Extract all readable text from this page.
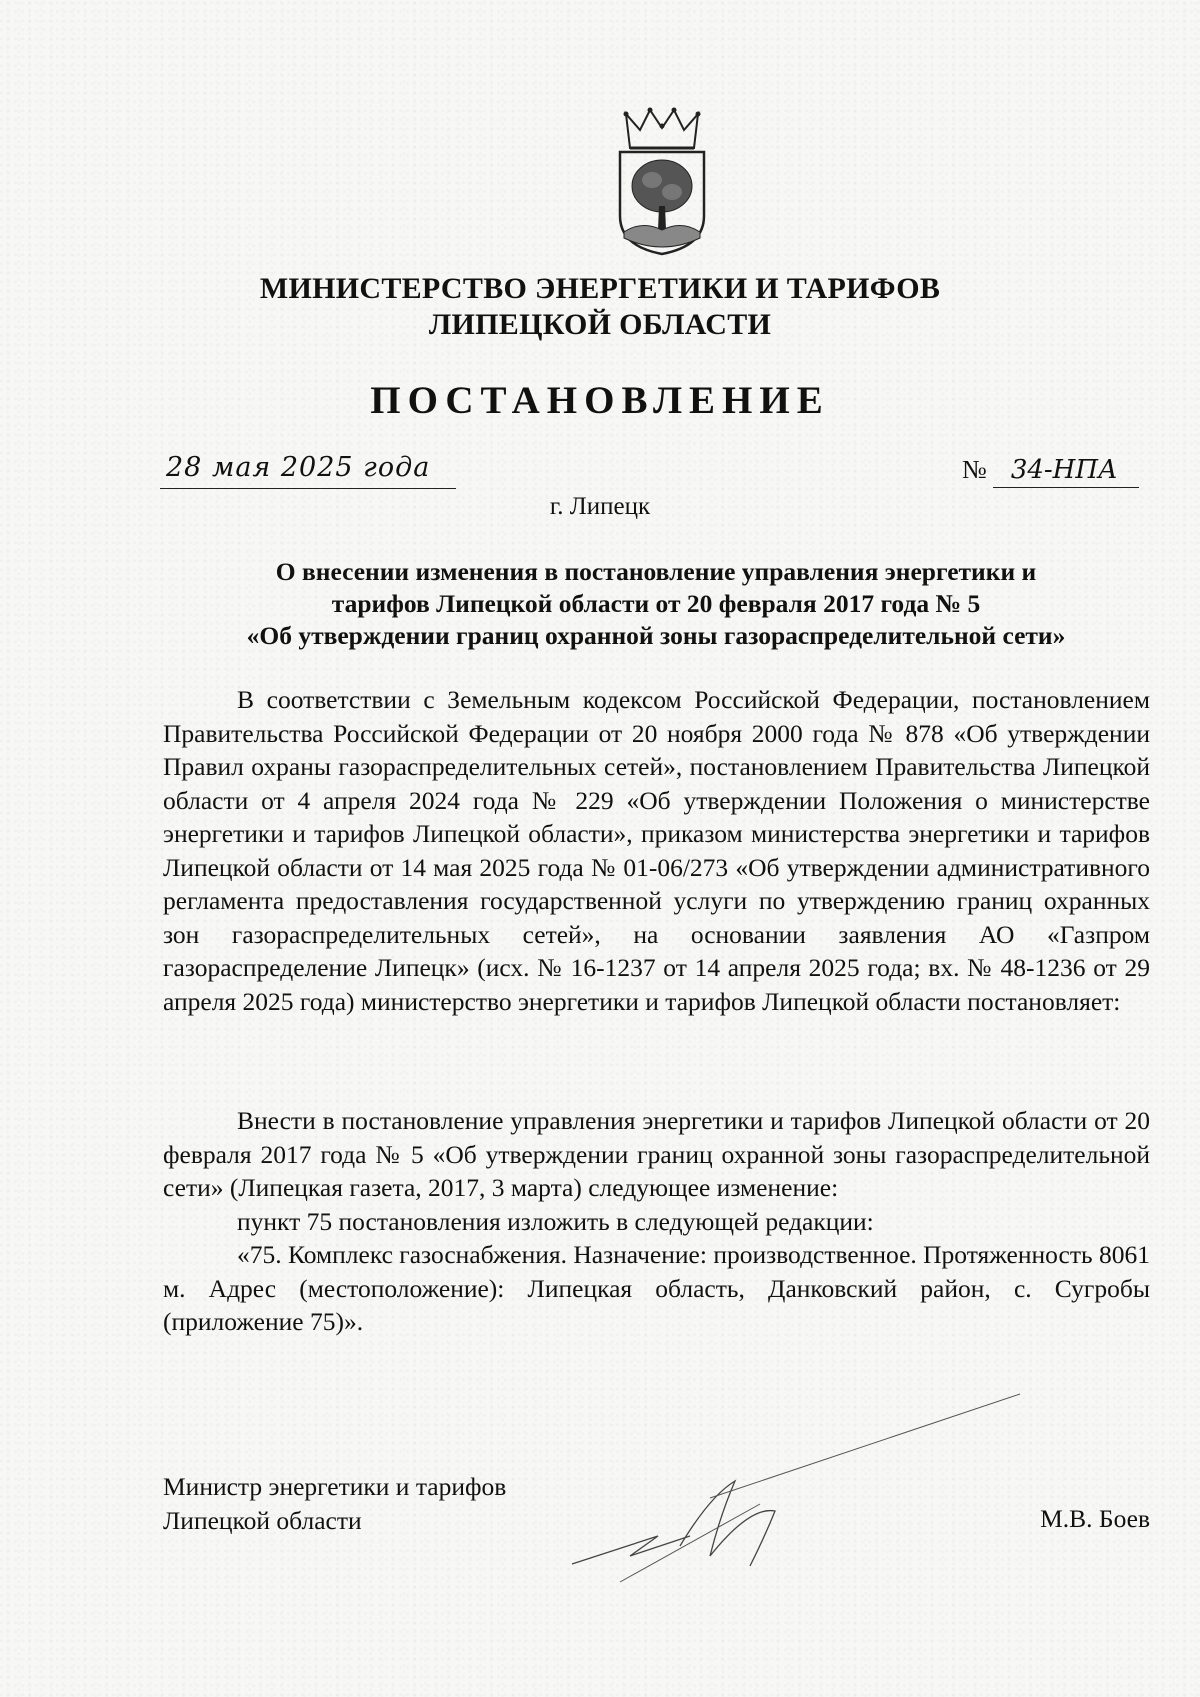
МИНИСТЕРСТВО ЭНЕРГЕТИКИ И ТАРИФОВ
ЛИПЕЦКОЙ ОБЛАСТИ
ПОСТАНОВЛЕНИЕ
28 мая 2025 года	№ 34-НПА
г. Липецк
О внесении изменения в постановление управления энергетики и
тарифов Липецкой области от 20 февраля 2017 года № 5
«Об утверждении границ охранной зоны газораспределительной сети»

В соответствии с Земельным кодексом Российской Федерации, постановлением Правительства Российской Федерации от 20 ноября 2000 года № 878 «Об утверждении Правил охраны газораспределительных сетей», постановлением Правительства Липецкой области от 4 апреля 2024 года № 229 «Об утверждении Положения о министерстве энергетики и тарифов Липецкой области», приказом министерства энергетики и тарифов Липецкой области от 14 мая 2025 года № 01-06/273 «Об утверждении административного регламента предоставления государственной услуги по утверждению границ охранных зон газораспределительных сетей», на основании заявления АО «Газпром газораспределение Липецк» (исх. № 16-1237 от 14 апреля 2025 года; вх. № 48-1236 от 29 апреля 2025 года) министерство энергетики и тарифов Липецкой области постановляет:

Внести в постановление управления энергетики и тарифов Липецкой области от 20 февраля 2017 года № 5 «Об утверждении границ охранной зоны газораспределительной сети» (Липецкая газета, 2017, 3 марта) следующее изменение:

пункт 75 постановления изложить в следующей редакции:

«75. Комплекс газоснабжения. Назначение: производственное. Протяженность 8061 м. Адрес (местоположение): Липецкая область, Данковский район, с. Сугробы (приложение 75)».

Министр энергетики и тарифов
Липецкой области	М.В. Боев
